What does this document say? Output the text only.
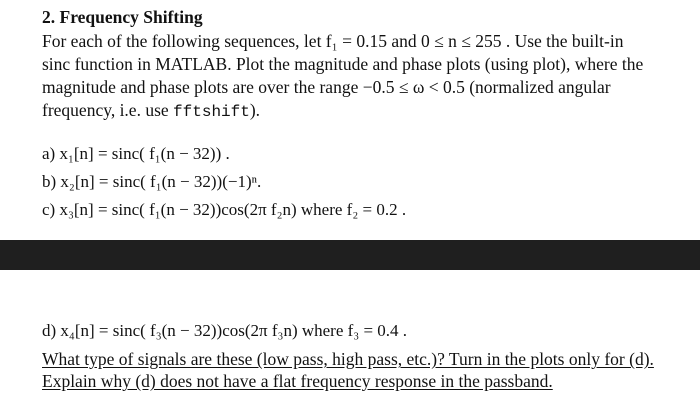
2. Frequency Shifting
For each of the following sequences, let f₁ = 0.15 and 0 ≤ n ≤ 255 . Use the built-in
sinc function in MATLAB. Plot the magnitude and phase plots (using plot), where the
magnitude and phase plots are over the range −0.5 ≤ ω < 0.5 (normalized angular
frequency, i.e. use fftshift).
a) x₁[n] = sinc( f₁(n − 32)) .
b) x₂[n] = sinc( f₁(n − 32))(−1)ⁿ.
c) x₃[n] = sinc( f₁(n − 32))cos(2π f₂n) where f₂ = 0.2 .
d) x₄[n] = sinc( f₃(n − 32))cos(2π f₃n) where f₃ = 0.4 .
What type of signals are these (low pass, high pass, etc.)? Turn in the plots only for (d).
Explain why (d) does not have a flat frequency response in the passband.
